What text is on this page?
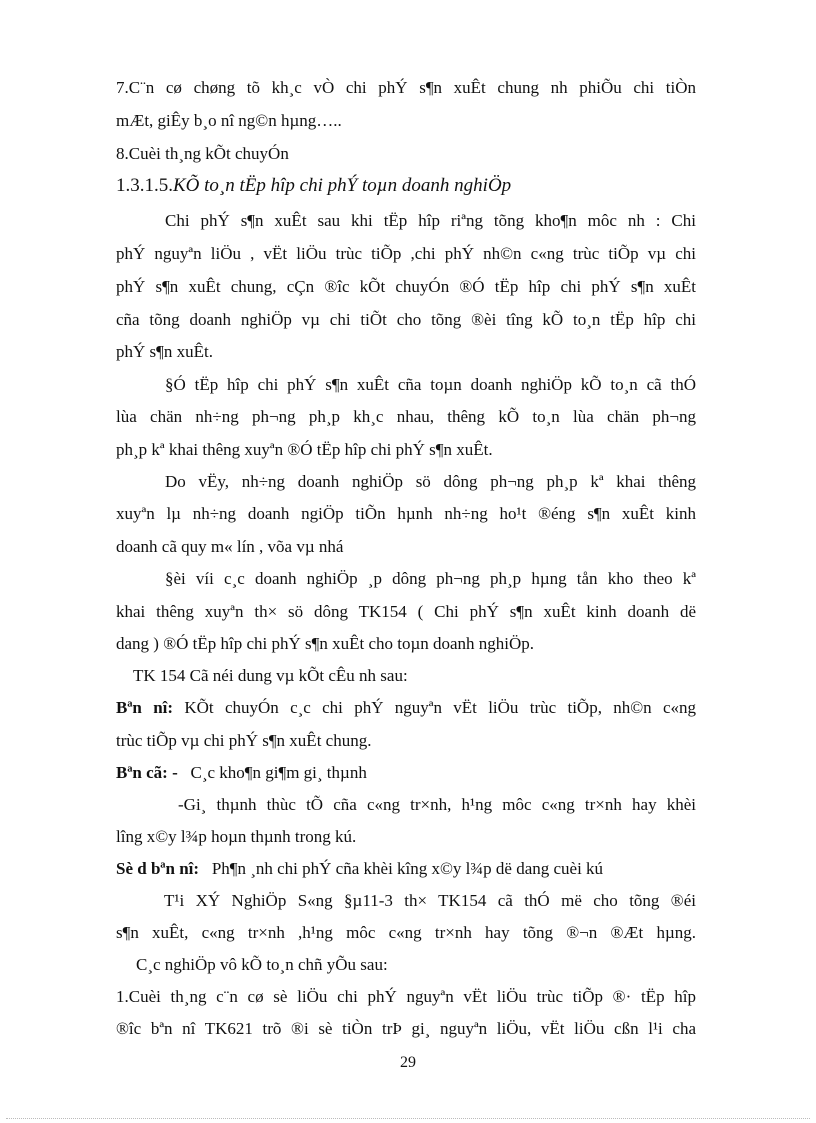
7.C¨n cø chøng tõ kh¸c vÒ chi phÝ s¶n xuÊt chung nh phiÕu chi tiÒn
mÆt, giÊy b¸o nî ng©n hµng…..
8.Cuèi th¸ng kÕt chuyÓn
1.3.1.5.KÕ to¸n tËp hîp chi phÝ toµn doanh nghiÖp
Chi phÝ s¶n xuÊt sau khi tËp hîp riªng tõng kho¶n môc nh : Chi
phÝ nguyªn liÖu , vËt liÖu trùc tiÕp ,chi phÝ nh©n c«ng trùc tiÕp vµ chi
phÝ s¶n xuÊt chung, cÇn ®îc kÕt chuyÓn ®Ó tËp hîp chi phÝ s¶n xuÊt
cña tõng doanh nghiÖp vµ chi tiÕt cho tõng ®èi tîng kÕ to¸n tËp hîp chi
phÝ s¶n xuÊt.
§Ó tËp hîp chi phÝ s¶n xuÊt cña toµn doanh nghiÖp kÕ to¸n cã thÓ
lùa chän nh÷ng ph¬ng ph¸p kh¸c nhau, thêng kÕ to¸n lùa chän ph¬ng
ph¸p kª khai thêng xuyªn ®Ó tËp hîp chi phÝ s¶n xuÊt.
Do vËy, nh÷ng doanh nghiÖp sö dông ph¬ng ph¸p kª khai thêng
xuyªn lµ nh÷ng doanh ngiÖp tiÕn hµnh nh÷ng ho¹t ®éng s¶n xuÊt kinh
doanh cã quy m« lín , võa vµ nhá
§èi víi c¸c doanh nghiÖp ¸p dông ph¬ng ph¸p hµng tån kho theo kª
khai thêng xuyªn th× sö dông TK154 ( Chi phÝ s¶n xuÊt kinh doanh dë
dang ) ®Ó tËp hîp chi phÝ s¶n xuÊt cho toµn doanh nghiÖp.
TK 154 Cã néi dung vµ kÕt cÊu nh sau:
Bªn nî: KÕt chuyÓn c¸c chi phÝ nguyªn vËt liÖu trùc tiÕp, nh©n c«ng
trùc tiÕp vµ chi phÝ s¶n xuÊt chung.
Bªn cã: - C¸c kho¶n gi¶m gi¸ thµnh
-Gi¸ thµnh thùc tÕ cña c«ng tr×nh, h¹ng môc c«ng tr×nh hay khèi
lîng x©y l¾p hoµn thµnh trong kú.
Sè d bªn nî: Ph¶n ¸nh chi phÝ cña khèi kîng x©y l¾p dë dang cuèi kú
T¹i XÝ NghiÖp S«ng §µ11-3 th× TK154 cã thÓ më cho tõng ®éi
s¶n xuÊt, c«ng tr×nh ,h¹ng môc c«ng tr×nh hay tõng ®¬n ®Æt hµng.
C¸c nghiÖp vô kÕ to¸n chñ yÕu sau:
1.Cuèi th¸ng c¨n cø sè liÖu chi phÝ nguyªn vËt liÖu trùc tiÕp ®· tËp hîp
®îc bªn nî TK621 trõ ®i sè tiÒn trÞ gi¸ nguyªn liÖu, vËt liÖu cßn l¹i cha
29
